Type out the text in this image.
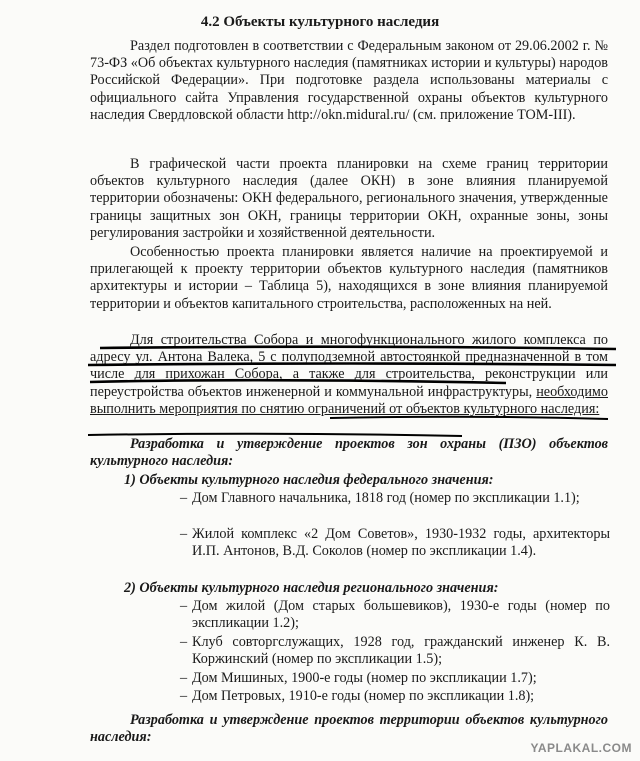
4.2 Объекты культурного наследия
Раздел подготовлен в соответствии с Федеральным законом от 29.06.2002 г. № 73-ФЗ «Об объектах культурного наследия (памятниках истории и культуры) народов Российской Федерации». При подготовке раздела использованы материалы с официального сайта Управления государственной охраны объектов культурного наследия Свердловской области http://okn.midural.ru/ (см. приложение ТОМ-III).
В графической части проекта планировки на схеме границ территории объектов культурного наследия (далее ОКН) в зоне влияния планируемой территории обозначены: ОКН федерального, регионального значения, утвержденные границы защитных зон ОКН, границы территории ОКН, охранные зоны, зоны регулирования застройки и хозяйственной деятельности.
Особенностью проекта планировки является наличие на проектируемой и прилегающей к проекту территории объектов культурного наследия (памятников архитектуры и истории – Таблица 5), находящихся в зоне влияния планируемой территории и объектов капитального строительства, расположенных на ней.
Для строительства Собора и многофункционального жилого комплекса по адресу ул. Антона Валека, 5 с полуподземной автостоянкой предназначенной в том числе для прихожан Собора, а также для строительства, реконструкции или переустройства объектов инженерной и коммунальной инфраструктуры, необходимо выполнить мероприятия по снятию ограничений от объектов культурного наследия:
Разработка и утверждение проектов зон охраны (ПЗО) объектов культурного наследия:
1) Объекты культурного наследия федерального значения:
– Дом Главного начальника, 1818 год (номер по экспликации 1.1);
– Жилой комплекс «2 Дом Советов», 1930-1932 годы, архитекторы И.П. Антонов, В.Д. Соколов (номер по экспликации 1.4).
2) Объекты культурного наследия регионального значения:
– Дом жилой (Дом старых большевиков), 1930-е годы (номер по экспликации 1.2);
– Клуб совторгслужащих, 1928 год, гражданский инженер К. В. Коржинский (номер по экспликации 1.5);
– Дом Мишиных, 1900-е годы (номер по экспликации 1.7);
– Дом Петровых, 1910-е годы (номер по экспликации 1.8);
Разработка и утверждение проектов территории объектов культурного наследия:
YAPLAKAL.COM
